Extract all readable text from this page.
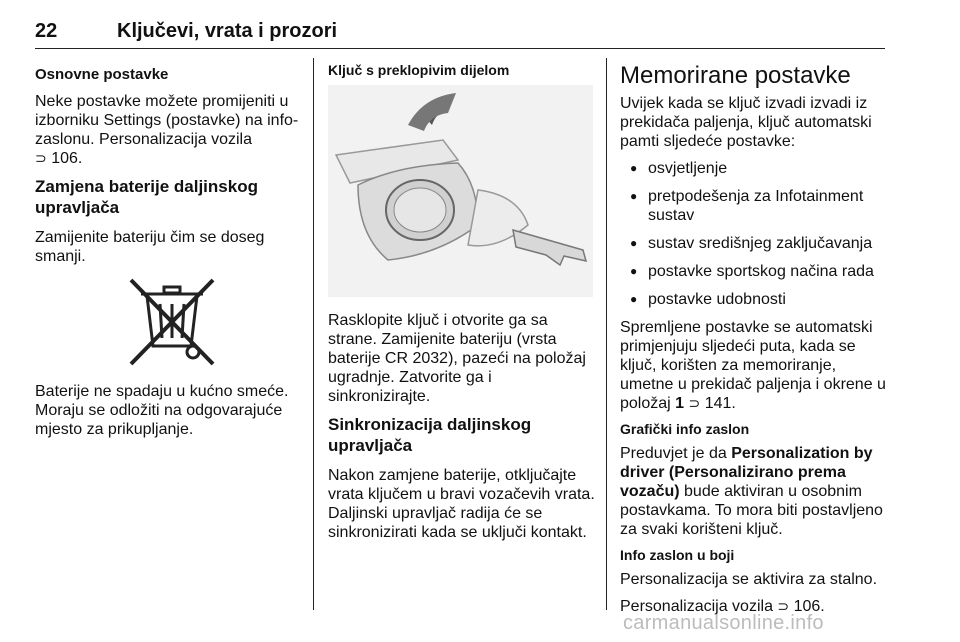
22	Ključevi, vrata i prozori
Osnovne postavke

Neke postavke možete promijeniti u izborniku Settings (postavke) na info-zaslonu. Personalizacija vozila
⊃ 106.

Zamjena baterije daljinskog upravljača

Zamijenite bateriju čim se doseg smanji.

Baterije ne spadaju u kućno smeće. Moraju se odložiti na odgovarajuće mjesto za prikupljanje.

Ključ s preklopivim dijelom

Rasklopite ključ i otvorite ga sa strane. Zamijenite bateriju (vrsta baterije CR 2032), pazeći na položaj ugradnje. Zatvorite ga i sinkronizirajte.

Sinkronizacija daljinskog upravljača

Nakon zamjene baterije, otključajte vrata ključem u bravi vozačevih vrata. Daljinski upravljač radija će se sinkronizirati kada se uključi kontakt.

Memorirane postavke

Uvijek kada se ključ izvadi izvadi iz prekidača paljenja, ključ automatski pamti sljedeće postavke:

● osvjetljenje
● pretpodešenja za Infotainment sustav
● sustav središnjeg zaključavanja
● postavke sportskog načina rada
● postavke udobnosti

Spremljene postavke se automatski primjenjuju sljedeći puta, kada se ključ, korišten za memoriranje, umetne u prekidač paljenja i okrene u položaj 1 ⊃ 141.

Grafički info zaslon

Preduvjet je da Personalization by driver (Personalizirano prema vozaču) bude aktiviran u osobnim postavkama. To mora biti postavljeno za svaki korišteni ključ.

Info zaslon u boji

Personalizacija se aktivira za stalno.

Personalizacija vozila ⊃ 106.

carmanualsonline.info
